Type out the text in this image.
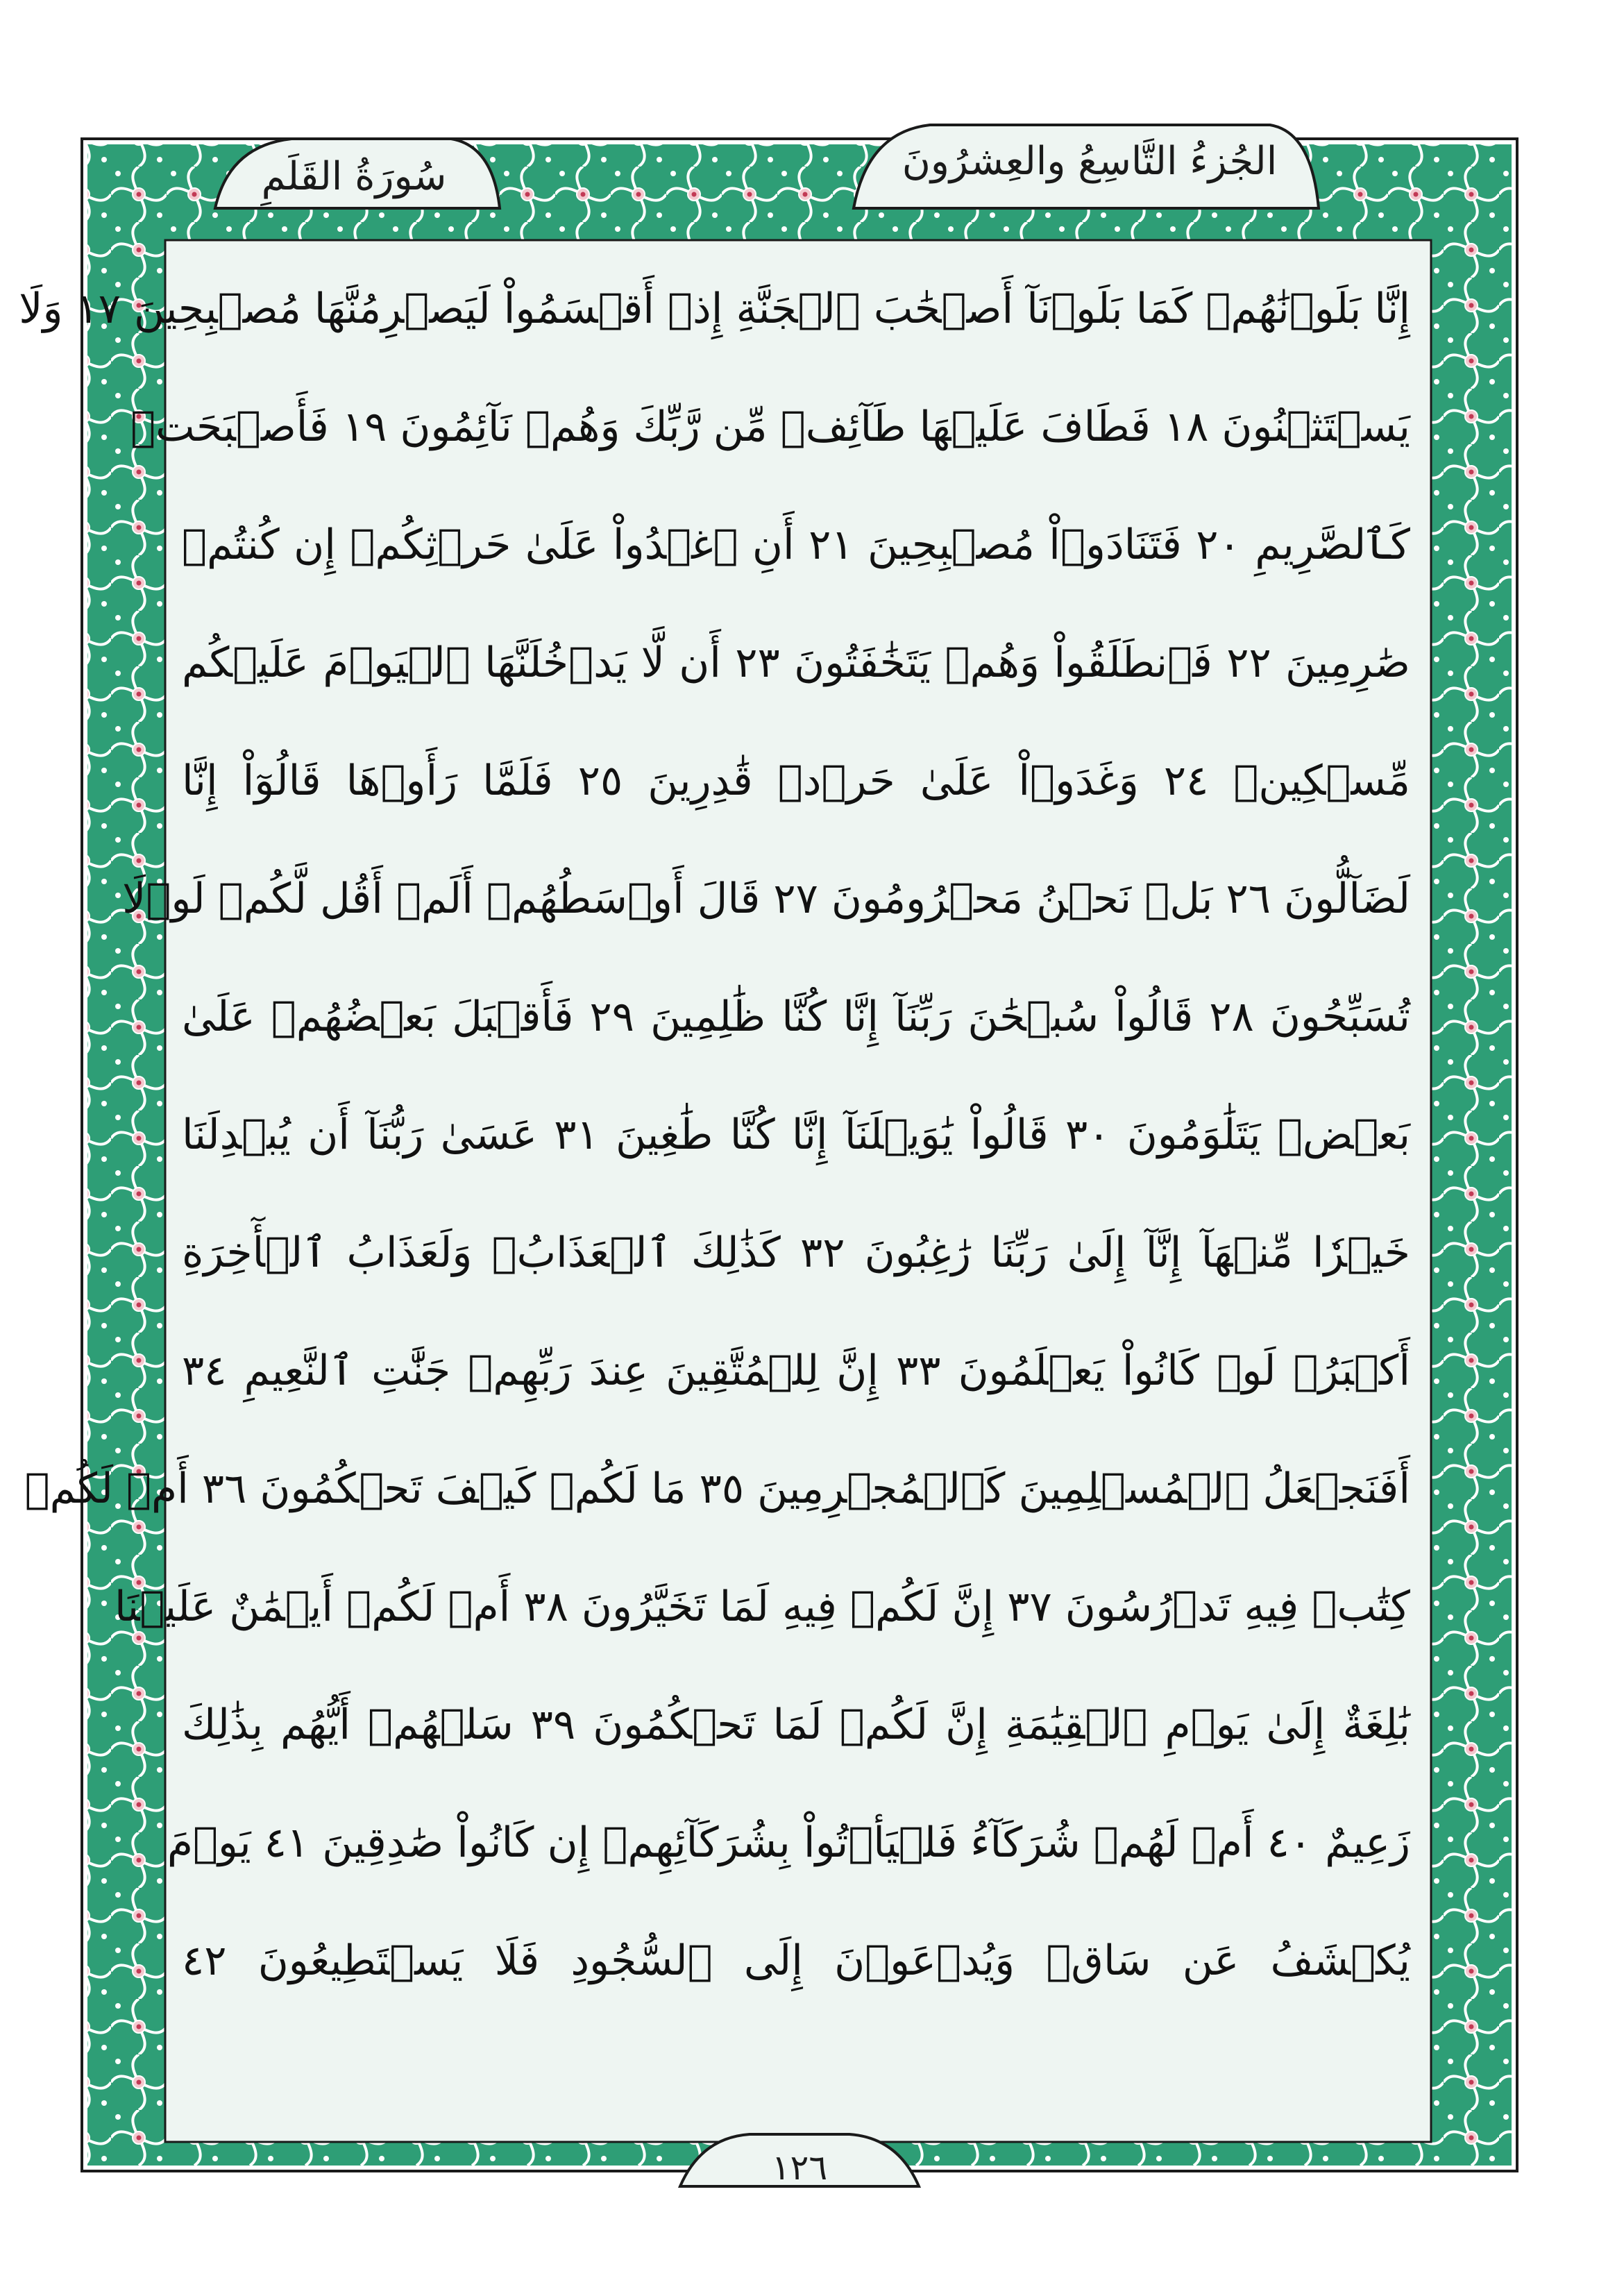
الجُزءُ التَّاسِعُ والعِشرُونَ
سُورَةُ القَلَمِ
إِنَّا بَلَوۡنَٰهُمۡ كَمَا بَلَوۡنَآ أَصۡحَٰبَ ٱلۡجَنَّةِ إِذۡ أَقۡسَمُواْ لَيَصۡرِمُنَّهَا مُصۡبِحِينَ ١٧ وَلَا
يَسۡتَثۡنُونَ ١٨ فَطَافَ عَلَيۡهَا طَآئِفٞ مِّن رَّبِّكَ وَهُمۡ نَآئِمُونَ ١٩ فَأَصۡبَحَتۡ
كَٱلصَّرِيمِ ٢٠ فَتَنَادَوۡاْ مُصۡبِحِينَ ٢١ أَنِ ٱغۡدُواْ عَلَىٰ حَرۡثِكُمۡ إِن كُنتُمۡ
صَٰرِمِينَ ٢٢ فَٱنطَلَقُواْ وَهُمۡ يَتَخَٰفَتُونَ ٢٣ أَن لَّا يَدۡخُلَنَّهَا ٱلۡيَوۡمَ عَلَيۡكُم
مِّسۡكِينٞ ٢٤ وَغَدَوۡاْ عَلَىٰ حَرۡدٖ قَٰدِرِينَ ٢٥ فَلَمَّا رَأَوۡهَا قَالُوٓاْ إِنَّا
لَضَآلُّونَ ٢٦ بَلۡ نَحۡنُ مَحۡرُومُونَ ٢٧ قَالَ أَوۡسَطُهُمۡ أَلَمۡ أَقُل لَّكُمۡ لَوۡلَا
تُسَبِّحُونَ ٢٨ قَالُواْ سُبۡحَٰنَ رَبِّنَآ إِنَّا كُنَّا ظَٰلِمِينَ ٢٩ فَأَقۡبَلَ بَعۡضُهُمۡ عَلَىٰ
بَعۡضٖ يَتَلَٰوَمُونَ ٣٠ قَالُواْ يَٰوَيۡلَنَآ إِنَّا كُنَّا طَٰغِينَ ٣١ عَسَىٰ رَبُّنَآ أَن يُبۡدِلَنَا
خَيۡرٗا مِّنۡهَآ إِنَّآ إِلَىٰ رَبِّنَا رَٰغِبُونَ ٣٢ كَذَٰلِكَ ٱلۡعَذَابُۖ وَلَعَذَابُ ٱلۡأٓخِرَةِ
أَكۡبَرُۚ لَوۡ كَانُواْ يَعۡلَمُونَ ٣٣ إِنَّ لِلۡمُتَّقِينَ عِندَ رَبِّهِمۡ جَنَّٰتِ ٱلنَّعِيمِ ٣٤
أَفَنَجۡعَلُ ٱلۡمُسۡلِمِينَ كَٱلۡمُجۡرِمِينَ ٣٥ مَا لَكُمۡ كَيۡفَ تَحۡكُمُونَ ٣٦ أَمۡ لَكُمۡ
كِتَٰبٞ فِيهِ تَدۡرُسُونَ ٣٧ إِنَّ لَكُمۡ فِيهِ لَمَا تَخَيَّرُونَ ٣٨ أَمۡ لَكُمۡ أَيۡمَٰنٌ عَلَيۡنَا
بَٰلِغَةٌ إِلَىٰ يَوۡمِ ٱلۡقِيَٰمَةِ إِنَّ لَكُمۡ لَمَا تَحۡكُمُونَ ٣٩ سَلۡهُمۡ أَيُّهُم بِذَٰلِكَ
زَعِيمٌ ٤٠ أَمۡ لَهُمۡ شُرَكَآءُ فَلۡيَأۡتُواْ بِشُرَكَآئِهِمۡ إِن كَانُواْ صَٰدِقِينَ ٤١ يَوۡمَ
يُكۡشَفُ عَن سَاقٖ وَيُدۡعَوۡنَ إِلَى ٱلسُّجُودِ فَلَا يَسۡتَطِيعُونَ ٤٢
١٢٦
